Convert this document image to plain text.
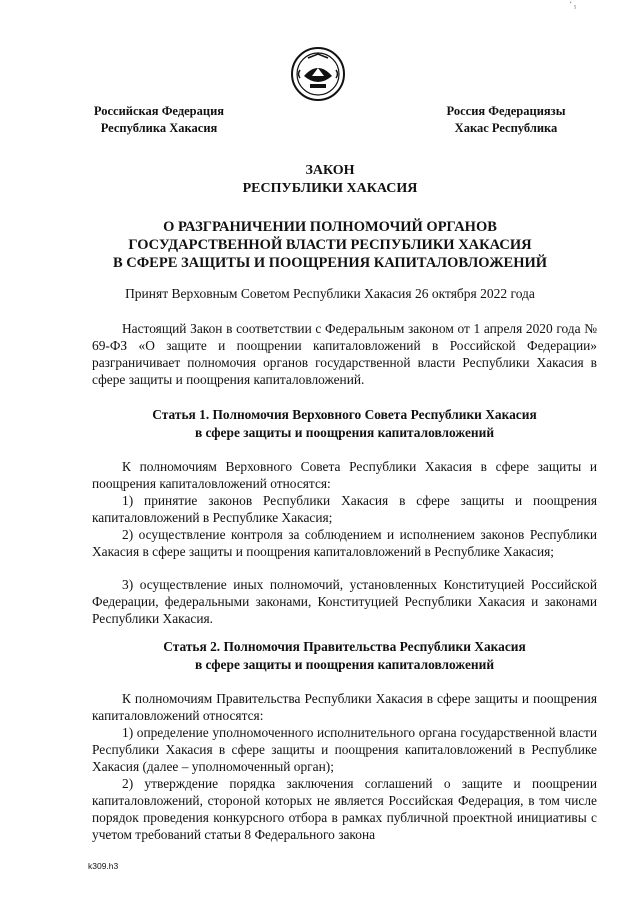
′ ₅
Российская Федерация
Республика Хакасия
Россия Федерациязы
Хакас Республика
ЗАКОН
РЕСПУБЛИКИ ХАКАСИЯ
О РАЗГРАНИЧЕНИИ ПОЛНОМОЧИЙ ОРГАНОВ
ГОСУДАРСТВЕННОЙ ВЛАСТИ РЕСПУБЛИКИ ХАКАСИЯ
В СФЕРЕ ЗАЩИТЫ И ПООЩРЕНИЯ КАПИТАЛОВЛОЖЕНИЙ
Принят Верховным Советом Республики Хакасия 26 октября 2022 года
Настоящий Закон в соответствии с Федеральным законом от 1 апреля 2020 года № 69-ФЗ «О защите и поощрении капиталовложений в Российской Федерации» разграничивает полномочия органов государственной власти Республики Хакасия в сфере защиты и поощрения капиталовложений.
Статья 1. Полномочия Верховного Совета Республики Хакасия
в сфере защиты и поощрения капиталовложений
К полномочиям Верховного Совета Республики Хакасия в сфере защиты и поощрения капиталовложений относятся:
1) принятие законов Республики Хакасия в сфере защиты и поощрения капиталовложений в Республике Хакасия;
2) осуществление контроля за соблюдением и исполнением законов Республики Хакасия в сфере защиты и поощрения капиталовложений в Республике Хакасия;
3) осуществление иных полномочий, установленных Конституцией Российской Федерации, федеральными законами, Конституцией Республики Хакасия и законами Республики Хакасия.
Статья 2. Полномочия Правительства Республики Хакасия
в сфере защиты и поощрения капиталовложений
К полномочиям Правительства Республики Хакасия в сфере защиты и поощрения капиталовложений относятся:
1) определение уполномоченного исполнительного органа государственной власти Республики Хакасия в сфере защиты и поощрения капиталовложений в Республике Хакасия (далее – уполномоченный орган);
2) утверждение порядка заключения соглашений о защите и поощрении капиталовложений, стороной которых не является Российская Федерация, в том числе порядок проведения конкурсного отбора в рамках публичной проектной инициативы с учетом требований статьи 8 Федерального закона
k309.h3
